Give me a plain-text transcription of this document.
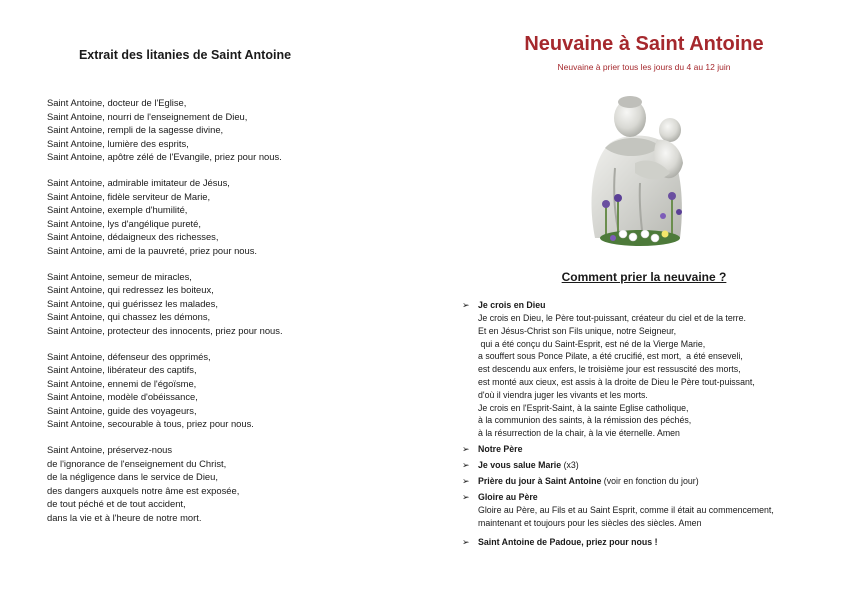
Extrait des litanies de Saint Antoine
Saint Antoine, docteur de l'Eglise,
Saint Antoine, nourri de l'enseignement de Dieu,
Saint Antoine, rempli de la sagesse divine,
Saint Antoine, lumière des esprits,
Saint Antoine, apôtre zélé de l'Evangile, priez pour nous.
Saint Antoine, admirable imitateur de Jésus,
Saint Antoine, fidèle serviteur de Marie,
Saint Antoine, exemple d'humilité,
Saint Antoine, lys d'angélique pureté,
Saint Antoine, dédaigneux des richesses,
Saint Antoine, ami de la pauvreté, priez pour nous.
Saint Antoine, semeur de miracles,
Saint Antoine, qui redressez les boiteux,
Saint Antoine, qui guérissez les malades,
Saint Antoine, qui chassez les démons,
Saint Antoine, protecteur des innocents, priez pour nous.
Saint Antoine, défenseur des opprimés,
Saint Antoine, libérateur des captifs,
Saint Antoine, ennemi de l'égoïsme,
Saint Antoine, modèle d'obéissance,
Saint Antoine, guide des voyageurs,
Saint Antoine, secourable à tous, priez pour nous.
Saint Antoine, préservez-nous
de l'ignorance de l'enseignement du Christ,
de la négligence dans le service de Dieu,
des dangers auxquels notre âme est exposée,
de tout péché et de tout accident,
dans la vie et à l'heure de notre mort.
Neuvaine à Saint Antoine
Neuvaine à prier tous les jours du 4 au 12 juin
Comment prier la neuvaine ?
➢ Je crois en Dieu
Je crois en Dieu, le Père tout-puissant, créateur du ciel et de la terre.
Et en Jésus-Christ son Fils unique, notre Seigneur,
qui a été conçu du Saint-Esprit, est né de la Vierge Marie,
a souffert sous Ponce Pilate, a été crucifié, est mort,  a été enseveli,
est descendu aux enfers, le troisième jour est ressuscité des morts,
est monté aux cieux, est assis à la droite de Dieu le Père tout-puissant,
d'où il viendra juger les vivants et les morts.
Je crois en l'Esprit-Saint, à la sainte Eglise catholique,
à la communion des saints, à la rémission des péchés,
à la résurrection de la chair, à la vie éternelle. Amen
➢ Notre Père
➢ Je vous salue Marie (x3)
➢ Prière du jour à Saint Antoine (voir en fonction du jour)
➢ Gloire au Père
Gloire au Père, au Fils et au Saint Esprit, comme il était au commencement,
maintenant et toujours pour les siècles des siècles. Amen
➢ Saint Antoine de Padoue, priez pour nous !
